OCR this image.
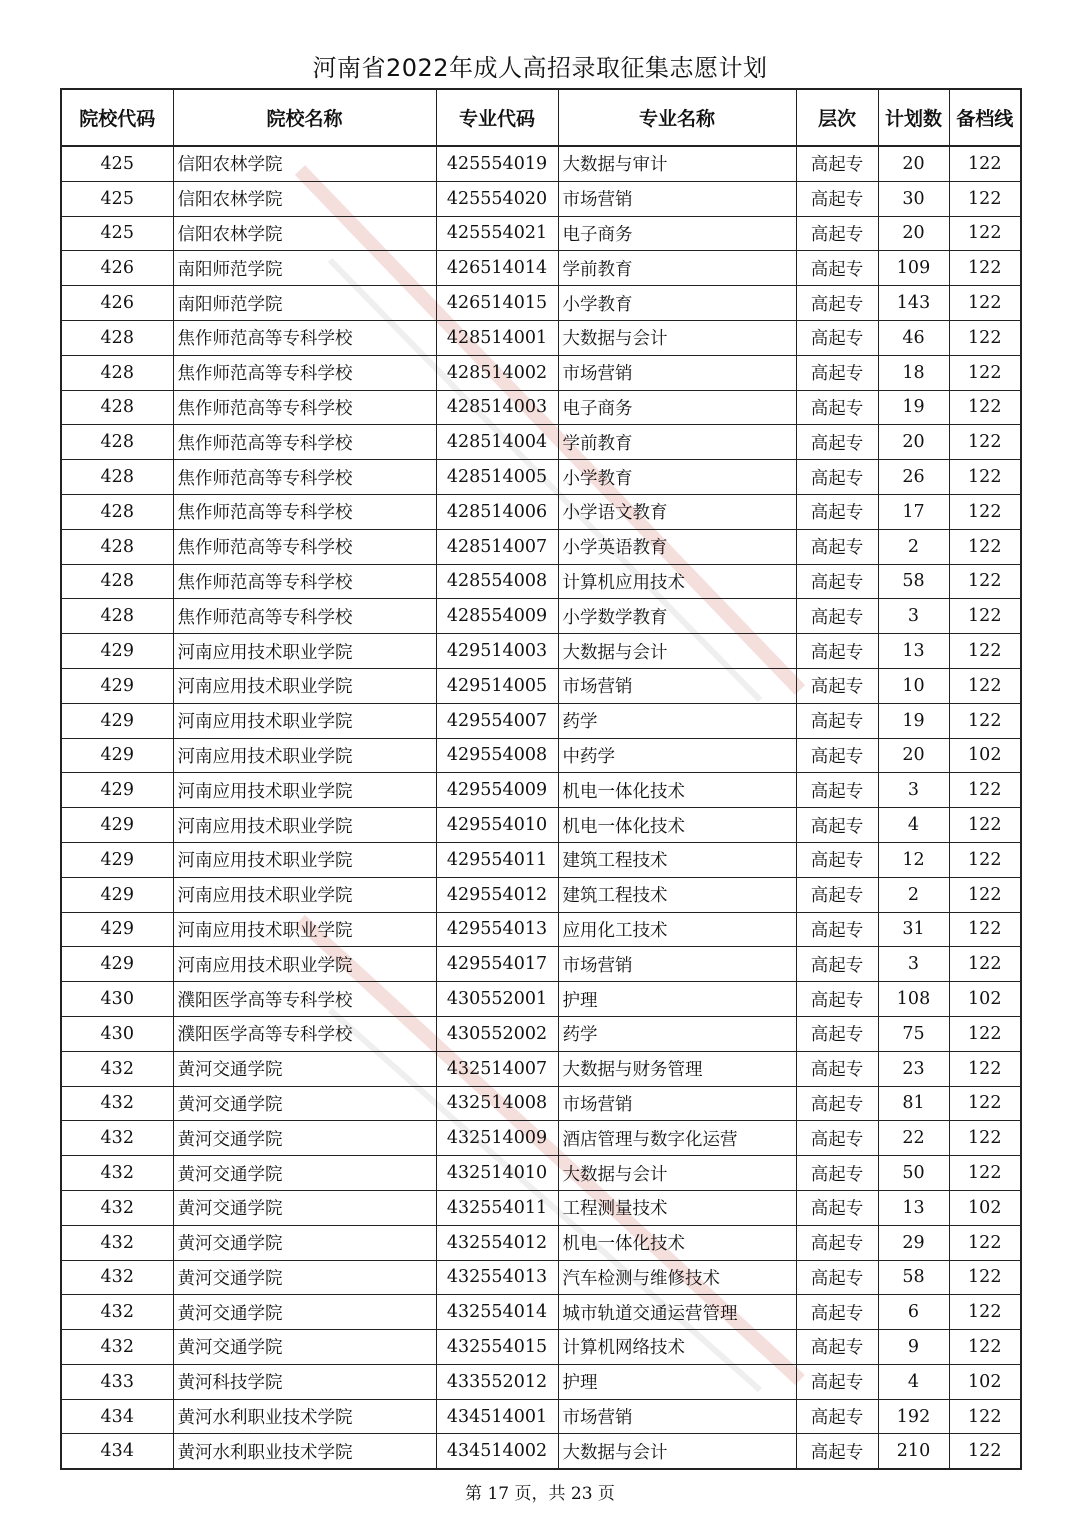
河南省2022年成人高招录取征集志愿计划
院校代码	院校名称	专业代码	专业名称	层次	计划数	备档线
425	信阳农林学院	425554019	大数据与审计	高起专	20	122
425	信阳农林学院	425554020	市场营销	高起专	30	122
425	信阳农林学院	425554021	电子商务	高起专	20	122
426	南阳师范学院	426514014	学前教育	高起专	109	122
426	南阳师范学院	426514015	小学教育	高起专	143	122
428	焦作师范高等专科学校	428514001	大数据与会计	高起专	46	122
428	焦作师范高等专科学校	428514002	市场营销	高起专	18	122
428	焦作师范高等专科学校	428514003	电子商务	高起专	19	122
428	焦作师范高等专科学校	428514004	学前教育	高起专	20	122
428	焦作师范高等专科学校	428514005	小学教育	高起专	26	122
428	焦作师范高等专科学校	428514006	小学语文教育	高起专	17	122
428	焦作师范高等专科学校	428514007	小学英语教育	高起专	2	122
428	焦作师范高等专科学校	428554008	计算机应用技术	高起专	58	122
428	焦作师范高等专科学校	428554009	小学数学教育	高起专	3	122
429	河南应用技术职业学院	429514003	大数据与会计	高起专	13	122
429	河南应用技术职业学院	429514005	市场营销	高起专	10	122
429	河南应用技术职业学院	429554007	药学	高起专	19	122
429	河南应用技术职业学院	429554008	中药学	高起专	20	102
429	河南应用技术职业学院	429554009	机电一体化技术	高起专	3	122
429	河南应用技术职业学院	429554010	机电一体化技术	高起专	4	122
429	河南应用技术职业学院	429554011	建筑工程技术	高起专	12	122
429	河南应用技术职业学院	429554012	建筑工程技术	高起专	2	122
429	河南应用技术职业学院	429554013	应用化工技术	高起专	31	122
429	河南应用技术职业学院	429554017	市场营销	高起专	3	122
430	濮阳医学高等专科学校	430552001	护理	高起专	108	102
430	濮阳医学高等专科学校	430552002	药学	高起专	75	122
432	黄河交通学院	432514007	大数据与财务管理	高起专	23	122
432	黄河交通学院	432514008	市场营销	高起专	81	122
432	黄河交通学院	432514009	酒店管理与数字化运营	高起专	22	122
432	黄河交通学院	432514010	大数据与会计	高起专	50	122
432	黄河交通学院	432554011	工程测量技术	高起专	13	102
432	黄河交通学院	432554012	机电一体化技术	高起专	29	122
432	黄河交通学院	432554013	汽车检测与维修技术	高起专	58	122
432	黄河交通学院	432554014	城市轨道交通运营管理	高起专	6	122
432	黄河交通学院	432554015	计算机网络技术	高起专	9	122
433	黄河科技学院	433552012	护理	高起专	4	102
434	黄河水利职业技术学院	434514001	市场营销	高起专	192	122
434	黄河水利职业技术学院	434514002	大数据与会计	高起专	210	122
第 17 页，共 23 页
